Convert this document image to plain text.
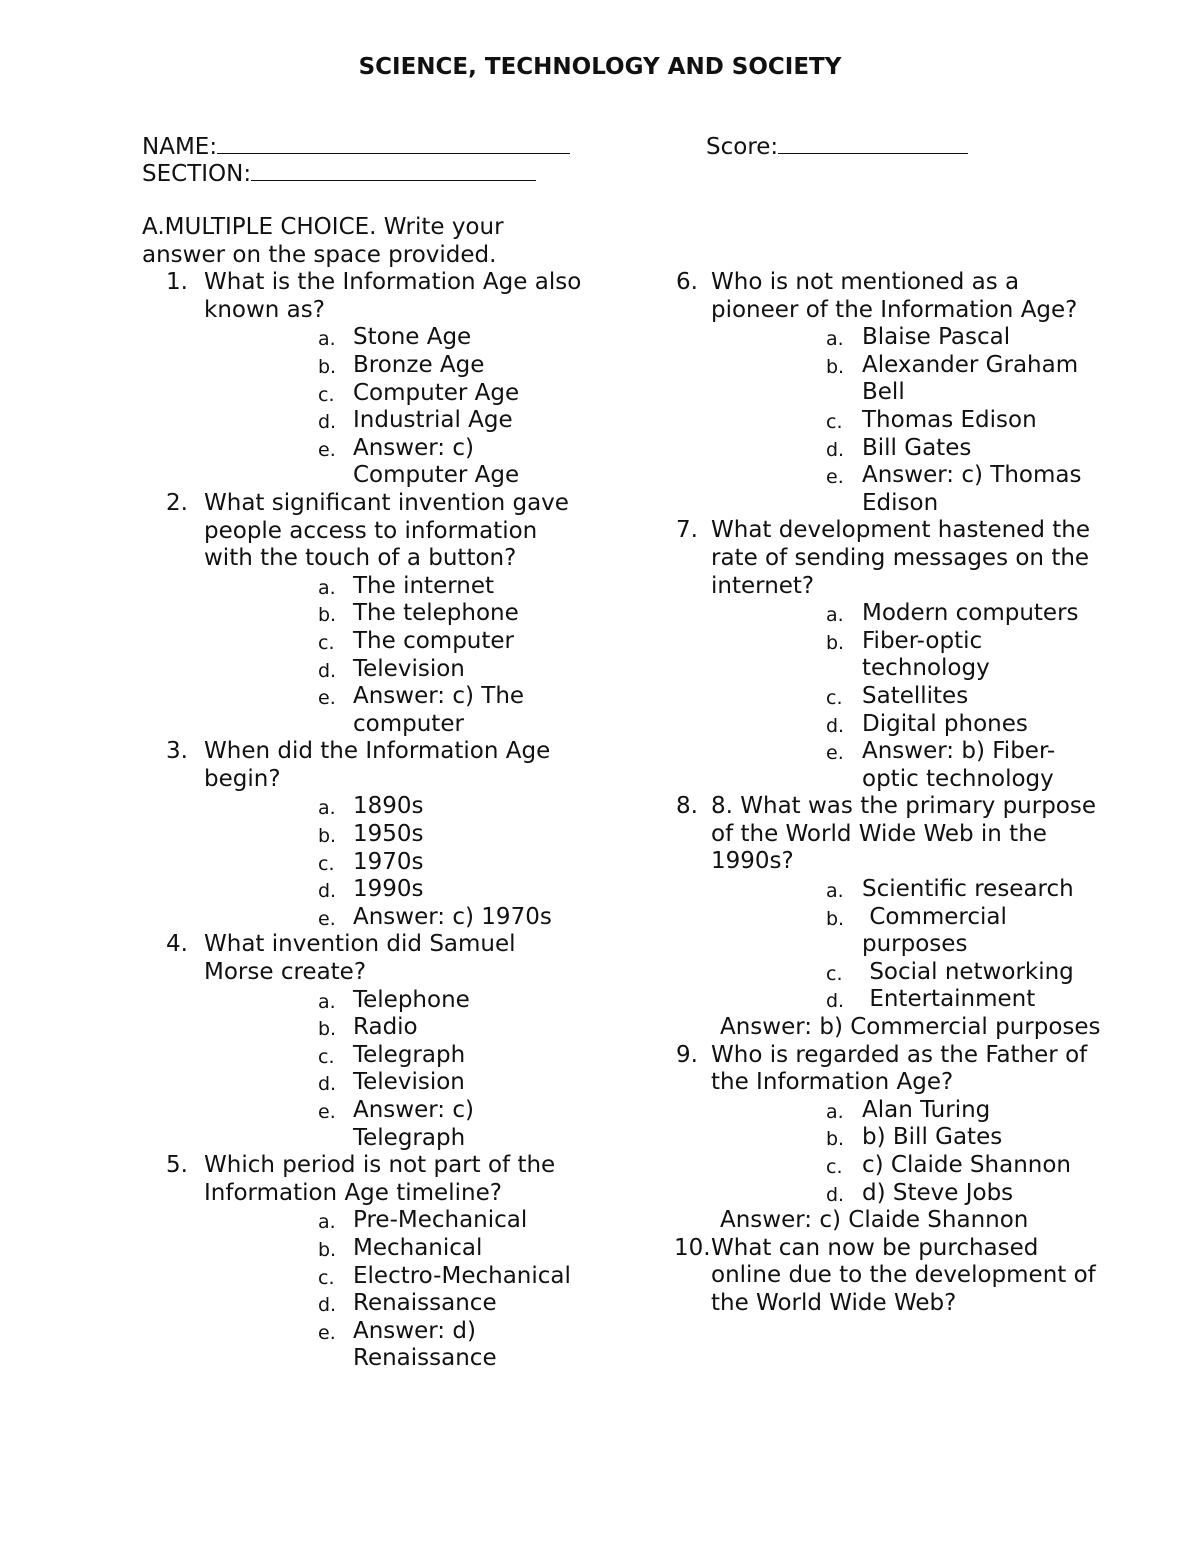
SCIENCE, TECHNOLOGY AND SOCIETY
NAME:
SECTION:
Score:

A.MULTIPLE CHOICE. Write your answer on the space provided.

1. What is the Information Age also known as?

a. Stone Age
b. Bronze Age
c. Computer Age
d. Industrial Age
e. Answer: c) Computer Age
2. What significant invention gave people access to information with the touch of a button?

a. The internet
b. The telephone
c. The computer
d. Television
e. Answer: c) The computer
3. When did the Information Age begin?

a. 1890s
b. 1950s
c. 1970s
d. 1990s
e. Answer: c) 1970s
4. What invention did Samuel Morse create?

a. Telephone
b. Radio
c. Telegraph
d. Television
e. Answer: c) Telegraph
5. Which period is not part of the Information Age timeline?

a. Pre-Mechanical
b. Mechanical
c. Electro-Mechanical
d. Renaissance
e. Answer: d) Renaissance
6. Who is not mentioned as a pioneer of the Information Age?

a. Blaise Pascal
b. Alexander Graham Bell
c. Thomas Edison
d. Bill Gates
e. Answer: c) Thomas Edison
7. What development hastened the rate of sending messages on the internet?

a. Modern computers
b. Fiber-optic technology
c. Satellites
d. Digital phones
e. Answer: b) Fiber-optic technology
8. 8. What was the primary purpose of the World Wide Web in the 1990s?

a. Scientific research
b. Commercial purposes
c. Social networking
d. Entertainment

Answer: b) Commercial purposes

9. Who is regarded as the Father of the Information Age?

a. Alan Turing
b. b) Bill Gates
c. c) Claide Shannon
d. d) Steve Jobs

Answer: c) Claide Shannon

10. What can now be purchased online due to the development of the World Wide Web?
